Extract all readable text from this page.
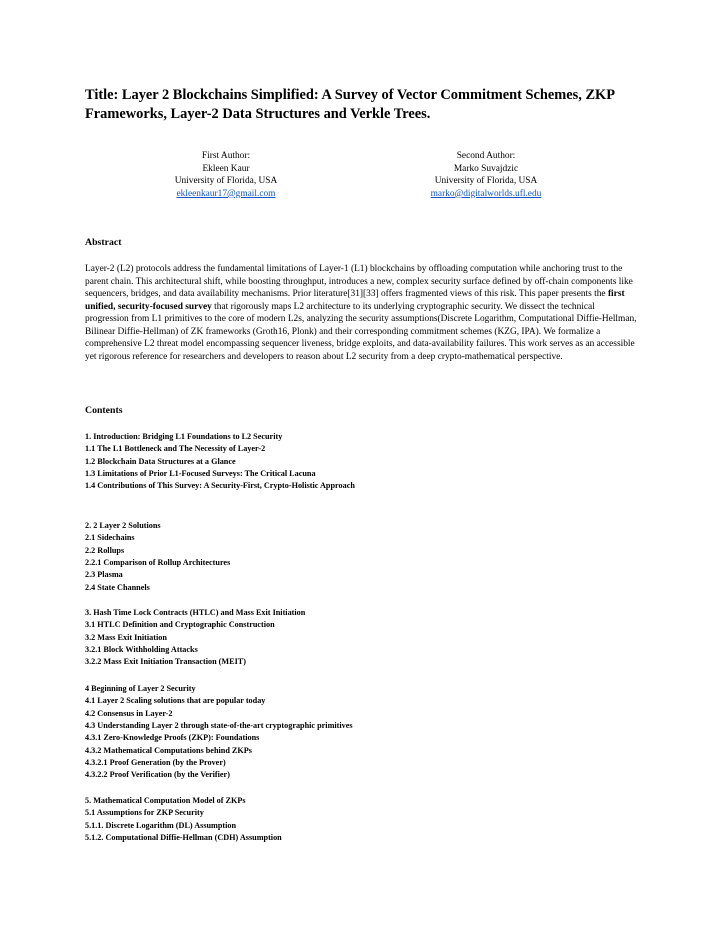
Title: Layer 2 Blockchains Simplified: A Survey of Vector Commitment Schemes, ZKP Frameworks, Layer-2 Data Structures and Verkle Trees.
First Author:
Ekleen Kaur
University of Florida, USA
ekleenkaur17@gmail.com
Second Author:
Marko Suvajdzic
University of Florida, USA
marko@digitalworlds.ufl.edu
Abstract

Layer-2 (L2) protocols address the fundamental limitations of Layer-1 (L1) blockchains by offloading computation while anchoring trust to the parent chain. This architectural shift, while boosting throughput, introduces a new, complex security surface defined by off-chain components like sequencers, bridges, and data availability mechanisms. Prior literature[31][33] offers fragmented views of this risk. This paper presents the first unified, security-focused survey that rigorously maps L2 architecture to its underlying cryptographic security. We dissect the technical progression from L1 primitives to the core of modern L2s, analyzing the security assumptions(Discrete Logarithm, Computational Diffie-Hellman, Bilinear Diffie-Hellman) of ZK frameworks (Groth16, Plonk) and their corresponding commitment schemes (KZG, IPA). We formalize a comprehensive L2 threat model encompassing sequencer liveness, bridge exploits, and data-availability failures. This work serves as an accessible yet rigorous reference for researchers and developers to reason about L2 security from a deep crypto-mathematical perspective.

Contents
1. Introduction: Bridging L1 Foundations to L2 Security
1.1 The L1 Bottleneck and The Necessity of Layer-2
1.2 Blockchain Data Structures at a Glance
1.3 Limitations of Prior L1-Focused Surveys: The Critical Lacuna
1.4 Contributions of This Survey: A Security-First, Crypto-Holistic Approach
2. 2 Layer 2 Solutions
2.1 Sidechains
2.2 Rollups
2.2.1 Comparison of Rollup Architectures
2.3 Plasma
2.4 State Channels
3. Hash Time Lock Contracts (HTLC) and Mass Exit Initiation
3.1 HTLC Definition and Cryptographic Construction
3.2 Mass Exit Initiation
3.2.1 Block Withholding Attacks
3.2.2 Mass Exit Initiation Transaction (MEIT)
4 Beginning of Layer 2 Security
4.1 Layer 2 Scaling solutions that are popular today
4.2 Consensus in Layer-2
4.3 Understanding Layer 2 through state-of-the-art cryptographic primitives
4.3.1 Zero-Knowledge Proofs (ZKP): Foundations
4.3.2 Mathematical Computations behind ZKPs
4.3.2.1 Proof Generation (by the Prover)
4.3.2.2 Proof Verification (by the Verifier)
5. Mathematical Computation Model of ZKPs
5.1 Assumptions for ZKP Security
5.1.1. Discrete Logarithm (DL) Assumption
5.1.2. Computational Diffie-Hellman (CDH) Assumption
